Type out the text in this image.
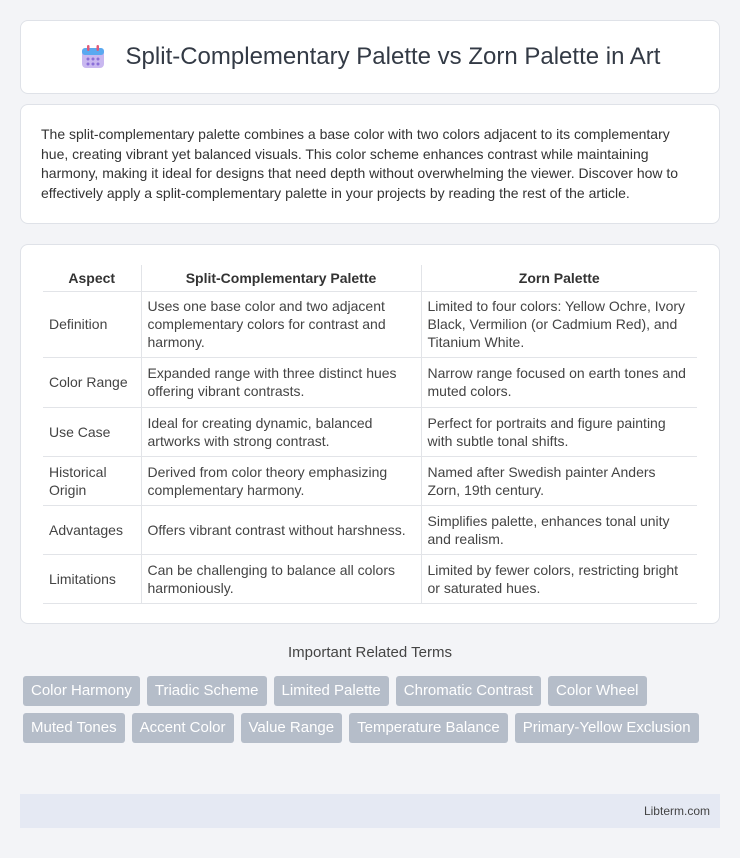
Split-Complementary Palette vs Zorn Palette in Art

The split-complementary palette combines a base color with two colors adjacent to its complementary hue, creating vibrant yet balanced visuals. This color scheme enhances contrast while maintaining harmony, making it ideal for designs that need depth without overwhelming the viewer. Discover how to effectively apply a split-complementary palette in your projects by reading the rest of the article.

Aspect	Split-Complementary Palette	Zorn Palette
Definition	Uses one base color and two adjacent complementary colors for contrast and harmony.	Limited to four colors: Yellow Ochre, Ivory Black, Vermilion (or Cadmium Red), and Titanium White.
Color Range	Expanded range with three distinct hues offering vibrant contrasts.	Narrow range focused on earth tones and muted colors.
Use Case	Ideal for creating dynamic, balanced artworks with strong contrast.	Perfect for portraits and figure painting with subtle tonal shifts.
Historical Origin	Derived from color theory emphasizing complementary harmony.	Named after Swedish painter Anders Zorn, 19th century.
Advantages	Offers vibrant contrast without harshness.	Simplifies palette, enhances tonal unity and realism.
Limitations	Can be challenging to balance all colors harmoniously.	Limited by fewer colors, restricting bright or saturated hues.
Important Related Terms
Color Harmony	Triadic Scheme	Limited Palette	Chromatic Contrast	Color Wheel
Muted Tones	Accent Color	Value Range	Temperature Balance	Primary-Yellow Exclusion
Libterm.com
